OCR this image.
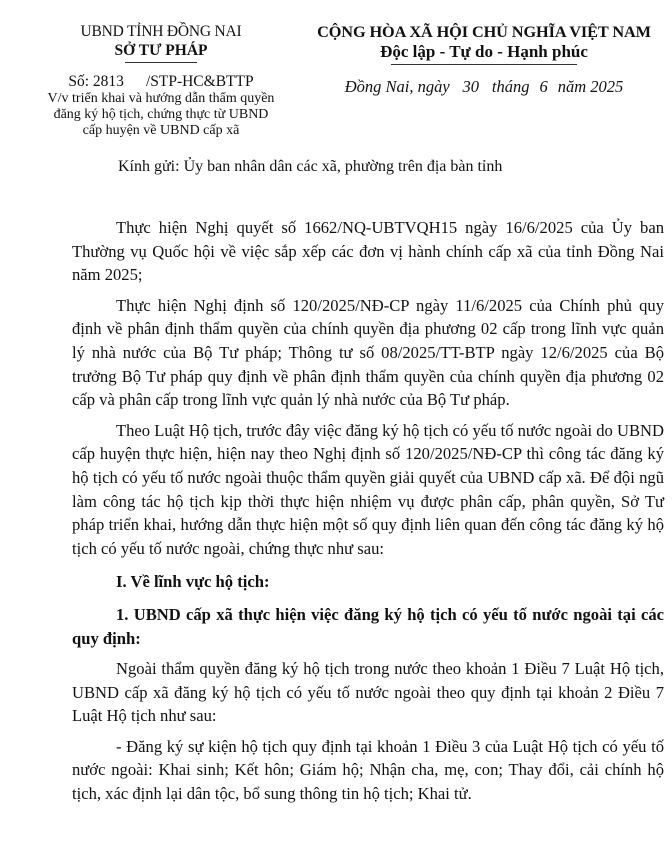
UBND TỈNH ĐỒNG NAI
SỞ TƯ PHÁP
Số: 2813 /STP-HC&BTTP
V/v triển khai và hướng dẫn thẩm quyền
đăng ký hộ tịch, chứng thực từ UBND
cấp huyện về UBND cấp xã
CỘNG HÒA XÃ HỘI CHỦ NGHĨA VIỆT NAM
Độc lập - Tự do - Hạnh phúc
Đồng Nai, ngày 30 tháng 6 năm 2025
Kính gửi: Ủy ban nhân dân các xã, phường trên địa bàn tỉnh

Thực hiện Nghị quyết số 1662/NQ-UBTVQH15 ngày 16/6/2025 của Ủy ban Thường vụ Quốc hội về việc sắp xếp các đơn vị hành chính cấp xã của tỉnh Đồng Nai năm 2025;

Thực hiện Nghị định số 120/2025/NĐ-CP ngày 11/6/2025 của Chính phủ quy định về phân định thẩm quyền của chính quyền địa phương 02 cấp trong lĩnh vực quản lý nhà nước của Bộ Tư pháp; Thông tư số 08/2025/TT-BTP ngày 12/6/2025 của Bộ trưởng Bộ Tư pháp quy định về phân định thẩm quyền của chính quyền địa phương 02 cấp và phân cấp trong lĩnh vực quản lý nhà nước của Bộ Tư pháp.

Theo Luật Hộ tịch, trước đây việc đăng ký hộ tịch có yếu tố nước ngoài do UBND cấp huyện thực hiện, hiện nay theo Nghị định số 120/2025/NĐ-CP thì công tác đăng ký hộ tịch có yếu tố nước ngoài thuộc thẩm quyền giải quyết của UBND cấp xã. Để đội ngũ làm công tác hộ tịch kịp thời thực hiện nhiệm vụ được phân cấp, phân quyền, Sở Tư pháp triển khai, hướng dẫn thực hiện một số quy định liên quan đến công tác đăng ký hộ tịch có yếu tố nước ngoài, chứng thực như sau:

I. Về lĩnh vực hộ tịch:

1. UBND cấp xã thực hiện việc đăng ký hộ tịch có yếu tố nước ngoài tại các quy định:

Ngoài thẩm quyền đăng ký hộ tịch trong nước theo khoản 1 Điều 7 Luật Hộ tịch, UBND cấp xã đăng ký hộ tịch có yếu tố nước ngoài theo quy định tại khoản 2 Điều 7 Luật Hộ tịch như sau:

- Đăng ký sự kiện hộ tịch quy định tại khoản 1 Điều 3 của Luật Hộ tịch có yếu tố nước ngoài: Khai sinh; Kết hôn; Giám hộ; Nhận cha, mẹ, con; Thay đổi, cải chính hộ tịch, xác định lại dân tộc, bổ sung thông tin hộ tịch; Khai tử.
